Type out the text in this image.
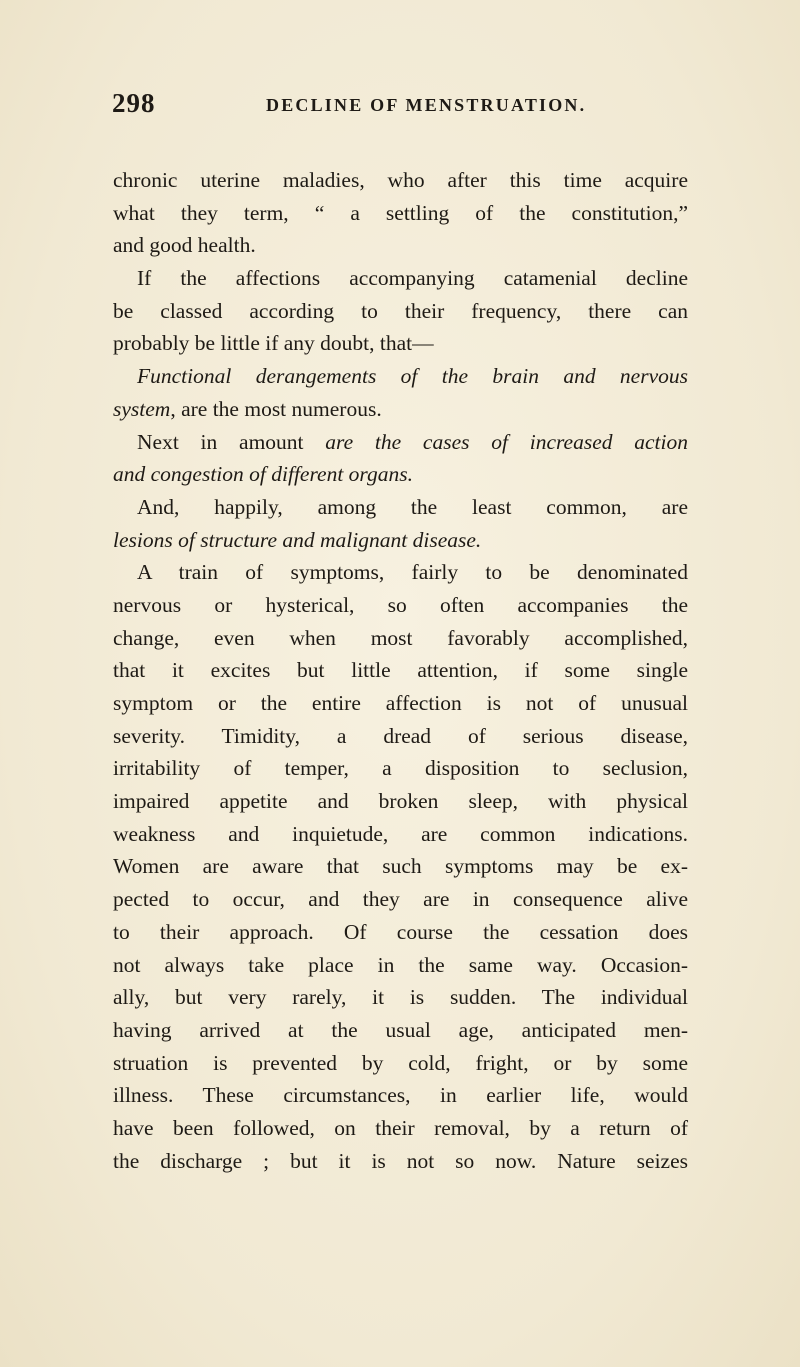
298	DECLINE OF MENSTRUATION.
chronic uterine maladies, who after this time acquire
what they term, “ a settling of the constitution,”
and good health.
If the affections accompanying catamenial decline
be classed according to their frequency, there can
probably be little if any doubt, that—
Functional derangements of the brain and nervous
system, are the most numerous.
Next in amount are the cases of increased action
and congestion of different organs.
And, happily, among the least common, are
lesions of structure and malignant disease.
A train of symptoms, fairly to be denominated
nervous or hysterical, so often accompanies the
change, even when most favorably accomplished,
that it excites but little attention, if some single
symptom or the entire affection is not of unusual
severity. Timidity, a dread of serious disease,
irritability of temper, a disposition to seclusion,
impaired appetite and broken sleep, with physical
weakness and inquietude, are common indications.
Women are aware that such symptoms may be ex-
pected to occur, and they are in consequence alive
to their approach. Of course the cessation does
not always take place in the same way. Occasion-
ally, but very rarely, it is sudden. The individual
having arrived at the usual age, anticipated men-
struation is prevented by cold, fright, or by some
illness. These circumstances, in earlier life, would
have been followed, on their removal, by a return of
the discharge ; but it is not so now. Nature seizes
